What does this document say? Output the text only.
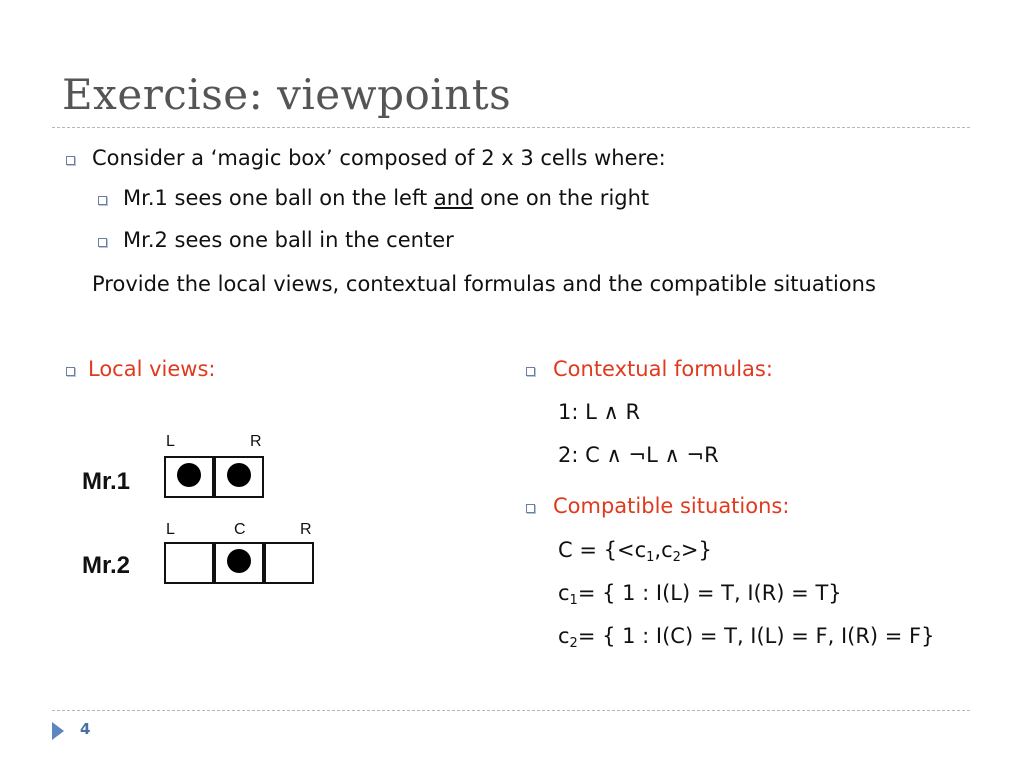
Exercise: viewpoints
Consider a ‘magic box’ composed of 2 x 3 cells where:
Mr.1 sees one ball on the left and one on the right
Mr.2 sees one ball in the center
Provide the local views, contextual formulas and the compatible situations
Local views:
L	R
Mr.1
L	C	R
Mr.2
Contextual formulas:
1: L ∧ R
2: C ∧ ¬L ∧ ¬R
Compatible situations:
$C = \{<c_1,c_2>\}$
$c_1=$ { 1 : I(L) = T, I(R) = T}
$c_2=$ { 1 : I(C) = T, I(L) = F, I(R) = F}
4
